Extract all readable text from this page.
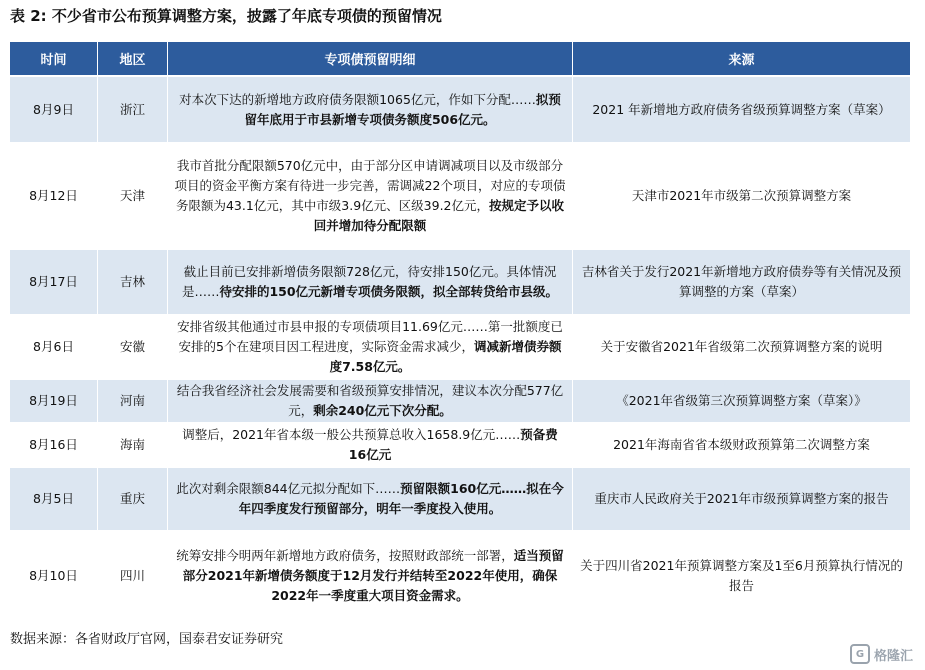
表 2: 不少省市公布预算调整方案，披露了年底专项债的预留情况
时间	地区	专项债预留明细	来源
8月9日	浙江	对本次下达的新增地方政府债务限额1065亿元，作如下分配……拟预留年底用于市县新增专项债务额度506亿元。	2021 年新增地方政府债务省级预算调整方案（草案）
8月12日	天津	我市首批分配限额570亿元中，由于部分区申请调减项目以及市级部分项目的资金平衡方案有待进一步完善，需调减22个项目，对应的专项债务限额为43.1亿元，其中市级3.9亿元、区级39.2亿元，按规定予以收回并增加待分配限额	天津市2021年市级第二次预算调整方案
8月17日	吉林	截止目前已安排新增债务限额728亿元，待安排150亿元。具体情况是……待安排的150亿元新增专项债务限额，拟全部转贷给市县级。	吉林省关于发行2021年新增地方政府债券等有关情况及预算调整的方案（草案）
8月6日	安徽	安排省级其他通过市县申报的专项债项目11.69亿元……第一批额度已安排的5个在建项目因工程进度，实际资金需求减少，调减新增债券额度7.58亿元。	关于安徽省2021年省级第二次预算调整方案的说明
8月19日	河南	结合我省经济社会发展需要和省级预算安排情况，建议本次分配577亿元，剩余240亿元下次分配。	《2021年省级第三次预算调整方案（草案）》
8月16日	海南	调整后，2021年省本级一般公共预算总收入1658.9亿元……预备费16亿元	2021年海南省省本级财政预算第二次调整方案
8月5日	重庆	此次对剩余限额844亿元拟分配如下……预留限额160亿元……拟在今年四季度发行预留部分，明年一季度投入使用。	重庆市人民政府关于2021年市级预算调整方案的报告
8月10日	四川	统筹安排今明两年新增地方政府债务，按照财政部统一部署，适当预留部分2021年新增债务额度于12月发行并结转至2022年使用，确保2022年一季度重大项目资金需求。	关于四川省2021年预算调整方案及1至6月预算执行情况的报告
数据来源：各省财政厅官网，国泰君安证券研究
G 格隆汇
